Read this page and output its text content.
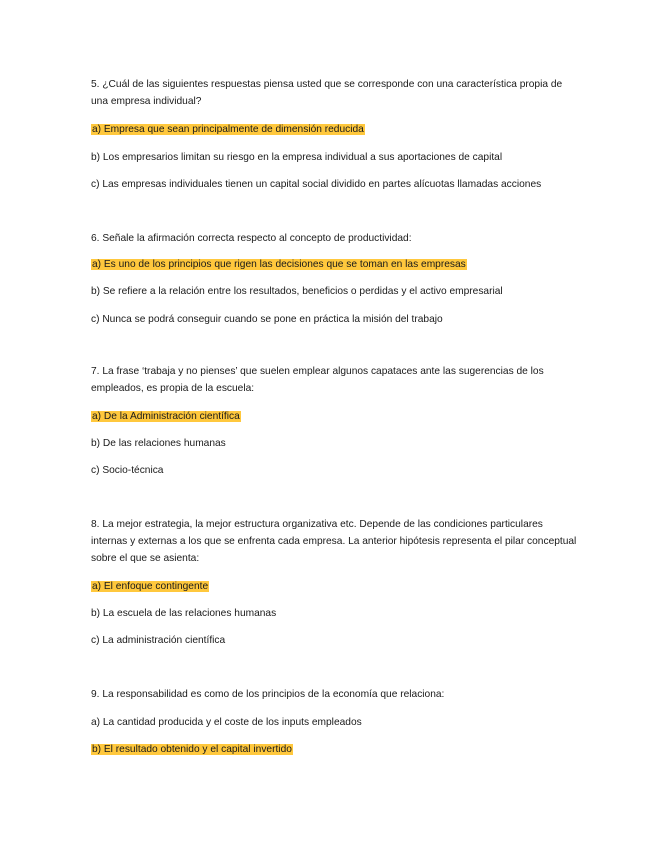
5. ¿Cuál de las siguientes respuestas piensa usted que se corresponde con una característica propia de una empresa individual?

a) Empresa que sean principalmente de dimensión reducida

b) Los empresarios limitan su riesgo en la empresa individual a sus aportaciones de capital

c) Las empresas individuales tienen un capital social dividido en partes alícuotas llamadas acciones

6. Señale la afirmación correcta respecto al concepto de productividad:

a) Es uno de los principios que rigen las decisiones que se toman en las empresas

b) Se refiere a la relación entre los resultados, beneficios o perdidas y el activo empresarial

c) Nunca se podrá conseguir cuando se pone en práctica la misión del trabajo

7. La frase ‘trabaja y no pienses’ que suelen emplear algunos capataces ante las sugerencias de los empleados, es propia de la escuela:

a) De la Administración científica

b) De las relaciones humanas

c) Socio-técnica

8. La mejor estrategia, la mejor estructura organizativa etc. Depende de las condiciones particulares internas y externas a los que se enfrenta cada empresa. La anterior hipótesis representa el pilar conceptual sobre el que se asienta:

a) El enfoque contingente

b) La escuela de las relaciones humanas

c) La administración científica

9. La responsabilidad es como de los principios de la economía que relaciona:

a) La cantidad producida y el coste de los inputs empleados

b) El resultado obtenido y el capital invertido
